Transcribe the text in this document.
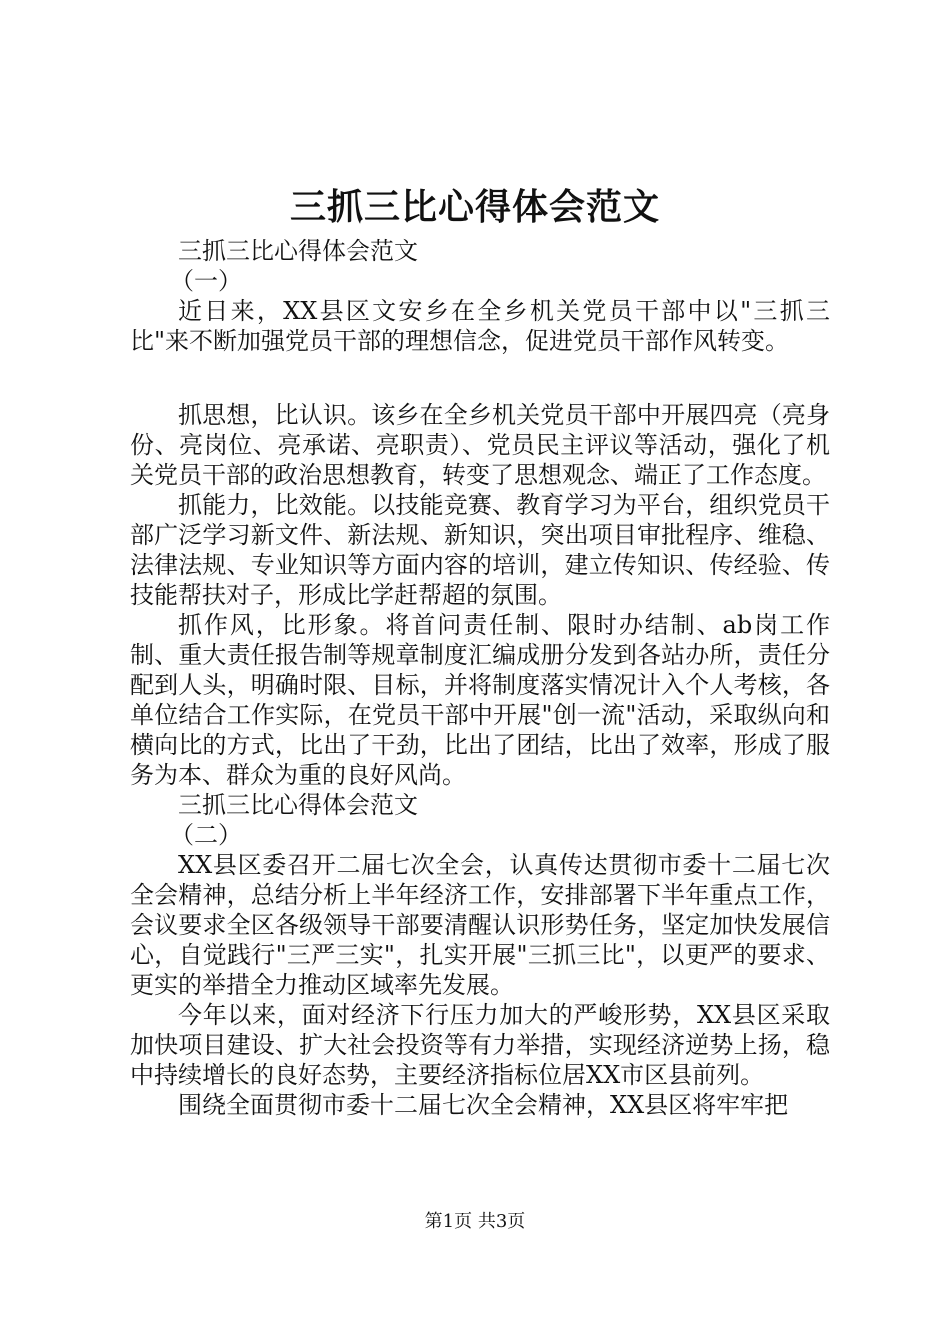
三抓三比心得体会范文

三抓三比心得体会范文

（一）

近日来，XX县区文安乡在全乡机关党员干部中以"三抓三比"来不断加强党员干部的理想信念，促进党员干部作风转变。

抓思想，比认识。该乡在全乡机关党员干部中开展四亮（亮身份、亮岗位、亮承诺、亮职责）、党员民主评议等活动，强化了机关党员干部的政治思想教育，转变了思想观念、端正了工作态度。

抓能力，比效能。以技能竞赛、教育学习为平台，组织党员干部广泛学习新文件、新法规、新知识，突出项目审批程序、维稳、法律法规、专业知识等方面内容的培训，建立传知识、传经验、传技能帮扶对子，形成比学赶帮超的氛围。

抓作风，比形象。将首问责任制、限时办结制、ab岗工作制、重大责任报告制等规章制度汇编成册分发到各站办所，责任分配到人头，明确时限、目标，并将制度落实情况计入个人考核，各单位结合工作实际，在党员干部中开展"创一流"活动，采取纵向和横向比的方式，比出了干劲，比出了团结，比出了效率，形成了服务为本、群众为重的良好风尚。

三抓三比心得体会范文

（二）

XX县区委召开二届七次全会，认真传达贯彻市委十二届七次全会精神，总结分析上半年经济工作，安排部署下半年重点工作，会议要求全区各级领导干部要清醒认识形势任务，坚定加快发展信心，自觉践行"三严三实"，扎实开展"三抓三比"，以更严的要求、更实的举措全力推动区域率先发展。

今年以来，面对经济下行压力加大的严峻形势，XX县区采取加快项目建设、扩大社会投资等有力举措，实现经济逆势上扬，稳中持续增长的良好态势，主要经济指标位居XX市区县前列。

围绕全面贯彻市委十二届七次全会精神，XX县区将牢牢把

第1页 共3页
